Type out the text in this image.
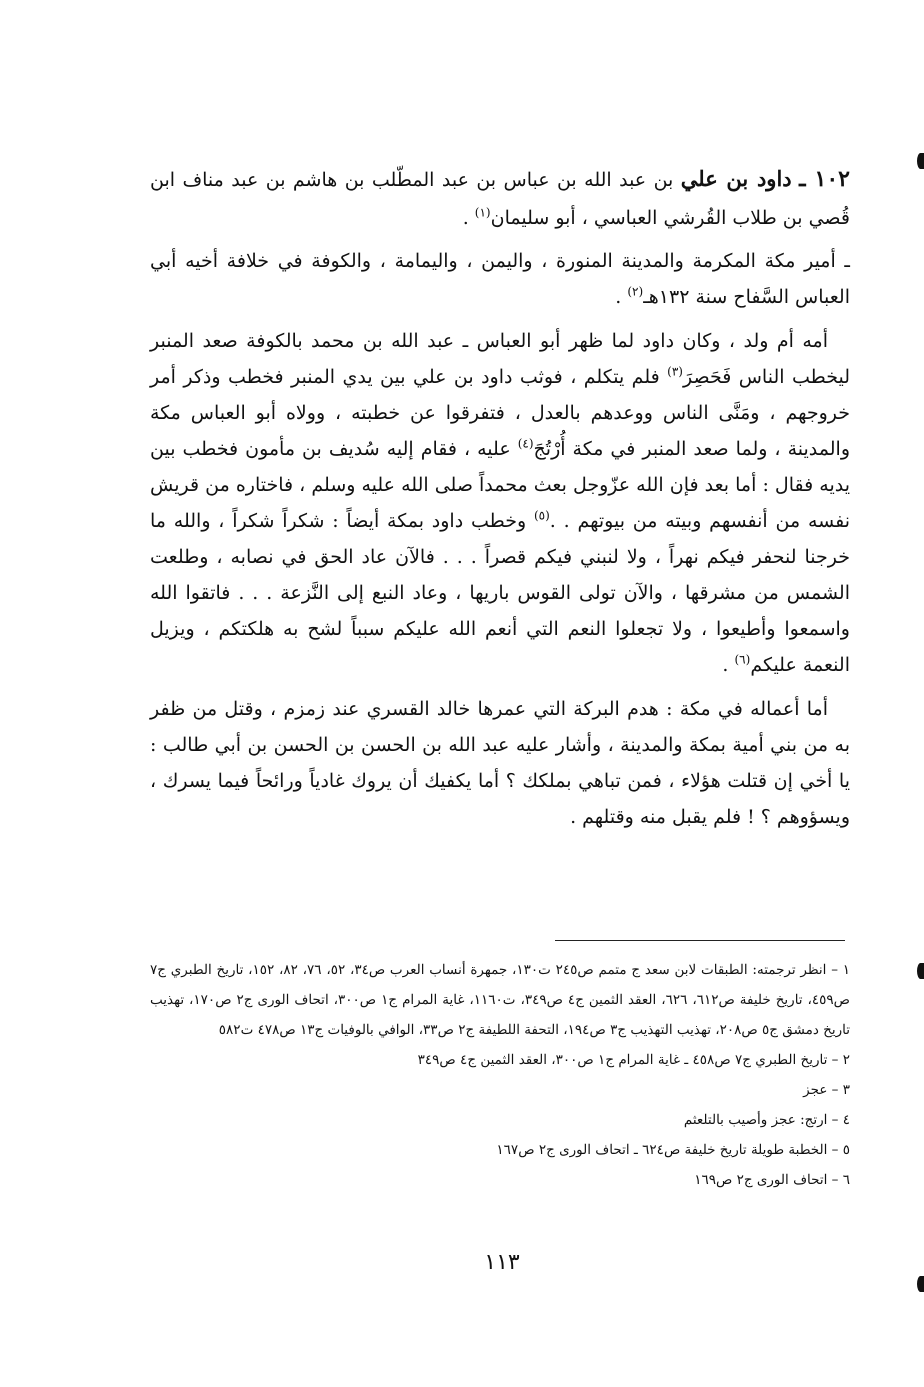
١٠٢ ـ داود بن علي بن عبد الله بن عباس بن عبد المطّلب بن هاشم بن عبد مناف ابن قُصي بن طلاب القُرشي العباسي ، أبو سليمان$^{(١)}$ .

ـ أمير مكة المكرمة والمدينة المنورة ، واليمن ، واليمامة ، والكوفة في خلافة أخيه أبي العباس السَّفاح سنة ١٣٢هـ$^{(٢)}$ .

أمه أم ولد ، وكان داود لما ظهر أبو العباس ـ عبد الله بن محمد بالكوفة صعد المنبر ليخطب الناس فَحَصِرَ$^{(٣)}$ فلم يتكلم ، فوثب داود بن علي بين يدي المنبر فخطب وذكر أمر خروجهم ، ومَنَّى الناس ووعدهم بالعدل ، فتفرقوا عن خطبته ، وولاه أبو العباس مكة والمدينة ، ولما صعد المنبر في مكة أُرْتُجَ$^{(٤)}$ عليه ، فقام إليه سُديف بن مأمون فخطب بين يديه فقال : أما بعد فإن الله عزّوجل بعث محمداً صلى الله عليه وسلم ، فاختاره من قريش نفسه من أنفسهم وبيته من بيوتهم . .$^{(٥)}$ وخطب داود بمكة أيضاً : شكراً شكراً ، والله ما خرجنا لنحفر فيكم نهراً ، ولا لنبني فيكم قصراً . . . فالآن عاد الحق في نصابه ، وطلعت الشمس من مشرقها ، والآن تولى القوس باريها ، وعاد النبع إلى النَّزعة . . . فاتقوا الله واسمعوا وأطيعوا ، ولا تجعلوا النعم التي أنعم الله عليكم سبباً لشح به هلكتكم ، ويزيل النعمة عليكم$^{(٦)}$ .

أما أعماله في مكة : هدم البركة التي عمرها خالد القسري عند زمزم ، وقتل من ظفر به من بني أمية بمكة والمدينة ، وأشار عليه عبد الله بن الحسن بن الحسن بن أبي طالب : يا أخي إن قتلت هؤلاء ، فمن تباهي بملكك ؟ أما يكفيك أن يروك غادياً ورائحاً فيما يسرك ، ويسؤوهم ؟ ! فلم يقبل منه وقتلهم .

١ – انظر ترجمته: الطبقات لابن سعد ج متمم ص٢٤٥ ت١٣٠، جمهرة أنساب العرب ص٣٤، ٥٢، ٧٦، ٨٢، ١٥٢، تاريخ الطبري ج٧ ص٤٥٩، تاريخ خليفة ص٦١٢، ٦٢٦، العقد الثمين ج٤ ص٣٤٩، ت١١٦٠، غاية المرام ج١ ص٣٠٠، اتحاف الورى ج٢ ص١٧٠، تهذيب تاريخ دمشق ج٥ ص٢٠٨، تهذيب التهذيب ج٣ ص١٩٤، التحفة اللطيفة ج٢ ص٣٣، الوافي بالوفيات ج١٣ ص٤٧٨ ت٥٨٢

٢ – تاريخ الطبري ج٧ ص٤٥٨ ـ غاية المرام ج١ ص٣٠٠، العقد الثمين ج٤ ص٣٤٩

٣ – عجز

٤ – ارتج: عجز وأصيب بالتلعثم

٥ – الخطبة طويلة تاريخ خليفة ص٦٢٤ ـ اتحاف الورى ج٢ ص١٦٧

٦ – اتحاف الورى ج٢ ص١٦٩

١١٣
